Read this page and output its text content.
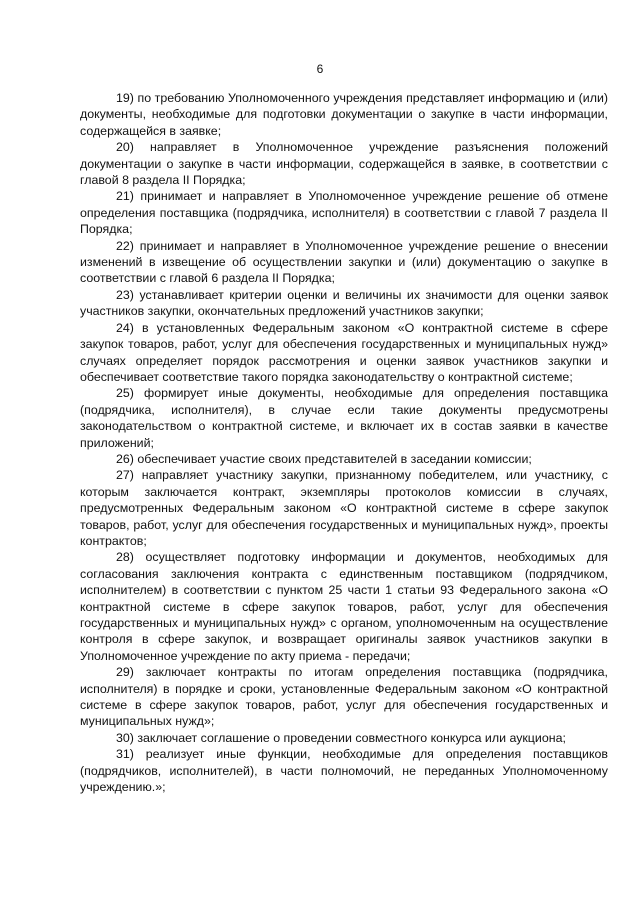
6

19) по требованию Уполномоченного учреждения представляет информацию и (или) документы, необходимые для подготовки документации о закупке в части информации, содержащейся в заявке;

20) направляет в Уполномоченное учреждение разъяснения положений документации о закупке в части информации, содержащейся в заявке, в соответствии с главой 8 раздела II Порядка;

21) принимает и направляет в Уполномоченное учреждение решение об отмене определения поставщика (подрядчика, исполнителя) в соответствии с главой 7 раздела II Порядка;

22) принимает и направляет в Уполномоченное учреждение решение о внесении изменений в извещение об осуществлении закупки и (или) документацию о закупке в соответствии с главой 6 раздела II Порядка;

23) устанавливает критерии оценки и величины их значимости для оценки заявок участников закупки, окончательных предложений участников закупки;

24) в установленных Федеральным законом «О контрактной системе в сфере закупок товаров, работ, услуг для обеспечения государственных и муниципальных нужд» случаях определяет порядок рассмотрения и оценки заявок участников закупки и обеспечивает соответствие такого порядка законодательству о контрактной системе;

25) формирует иные документы, необходимые для определения поставщика (подрядчика, исполнителя), в случае если такие документы предусмотрены законодательством о контрактной системе, и включает их в состав заявки в качестве приложений;

26) обеспечивает участие своих представителей в заседании комиссии;

27) направляет участнику закупки, признанному победителем, или участнику, с которым заключается контракт, экземпляры протоколов комиссии в случаях, предусмотренных Федеральным законом «О контрактной системе в сфере закупок товаров, работ, услуг для обеспечения государственных и муниципальных нужд», проекты контрактов;

28) осуществляет подготовку информации и документов, необходимых для согласования заключения контракта с единственным поставщиком (подрядчиком, исполнителем) в соответствии с пунктом 25 части 1 статьи 93 Федерального закона «О контрактной системе в сфере закупок товаров, работ, услуг для обеспечения государственных и муниципальных нужд» с органом, уполномоченным на осуществление контроля в сфере закупок, и возвращает оригиналы заявок участников закупки в Уполномоченное учреждение по акту приема - передачи;

29) заключает контракты по итогам определения поставщика (подрядчика, исполнителя) в порядке и сроки, установленные Федеральным законом «О контрактной системе в сфере закупок товаров, работ, услуг для обеспечения государственных и муниципальных нужд»;

30) заключает соглашение о проведении совместного конкурса или аукциона;

31) реализует иные функции, необходимые для определения поставщиков (подрядчиков, исполнителей), в части полномочий, не переданных Уполномоченному учреждению.»;
